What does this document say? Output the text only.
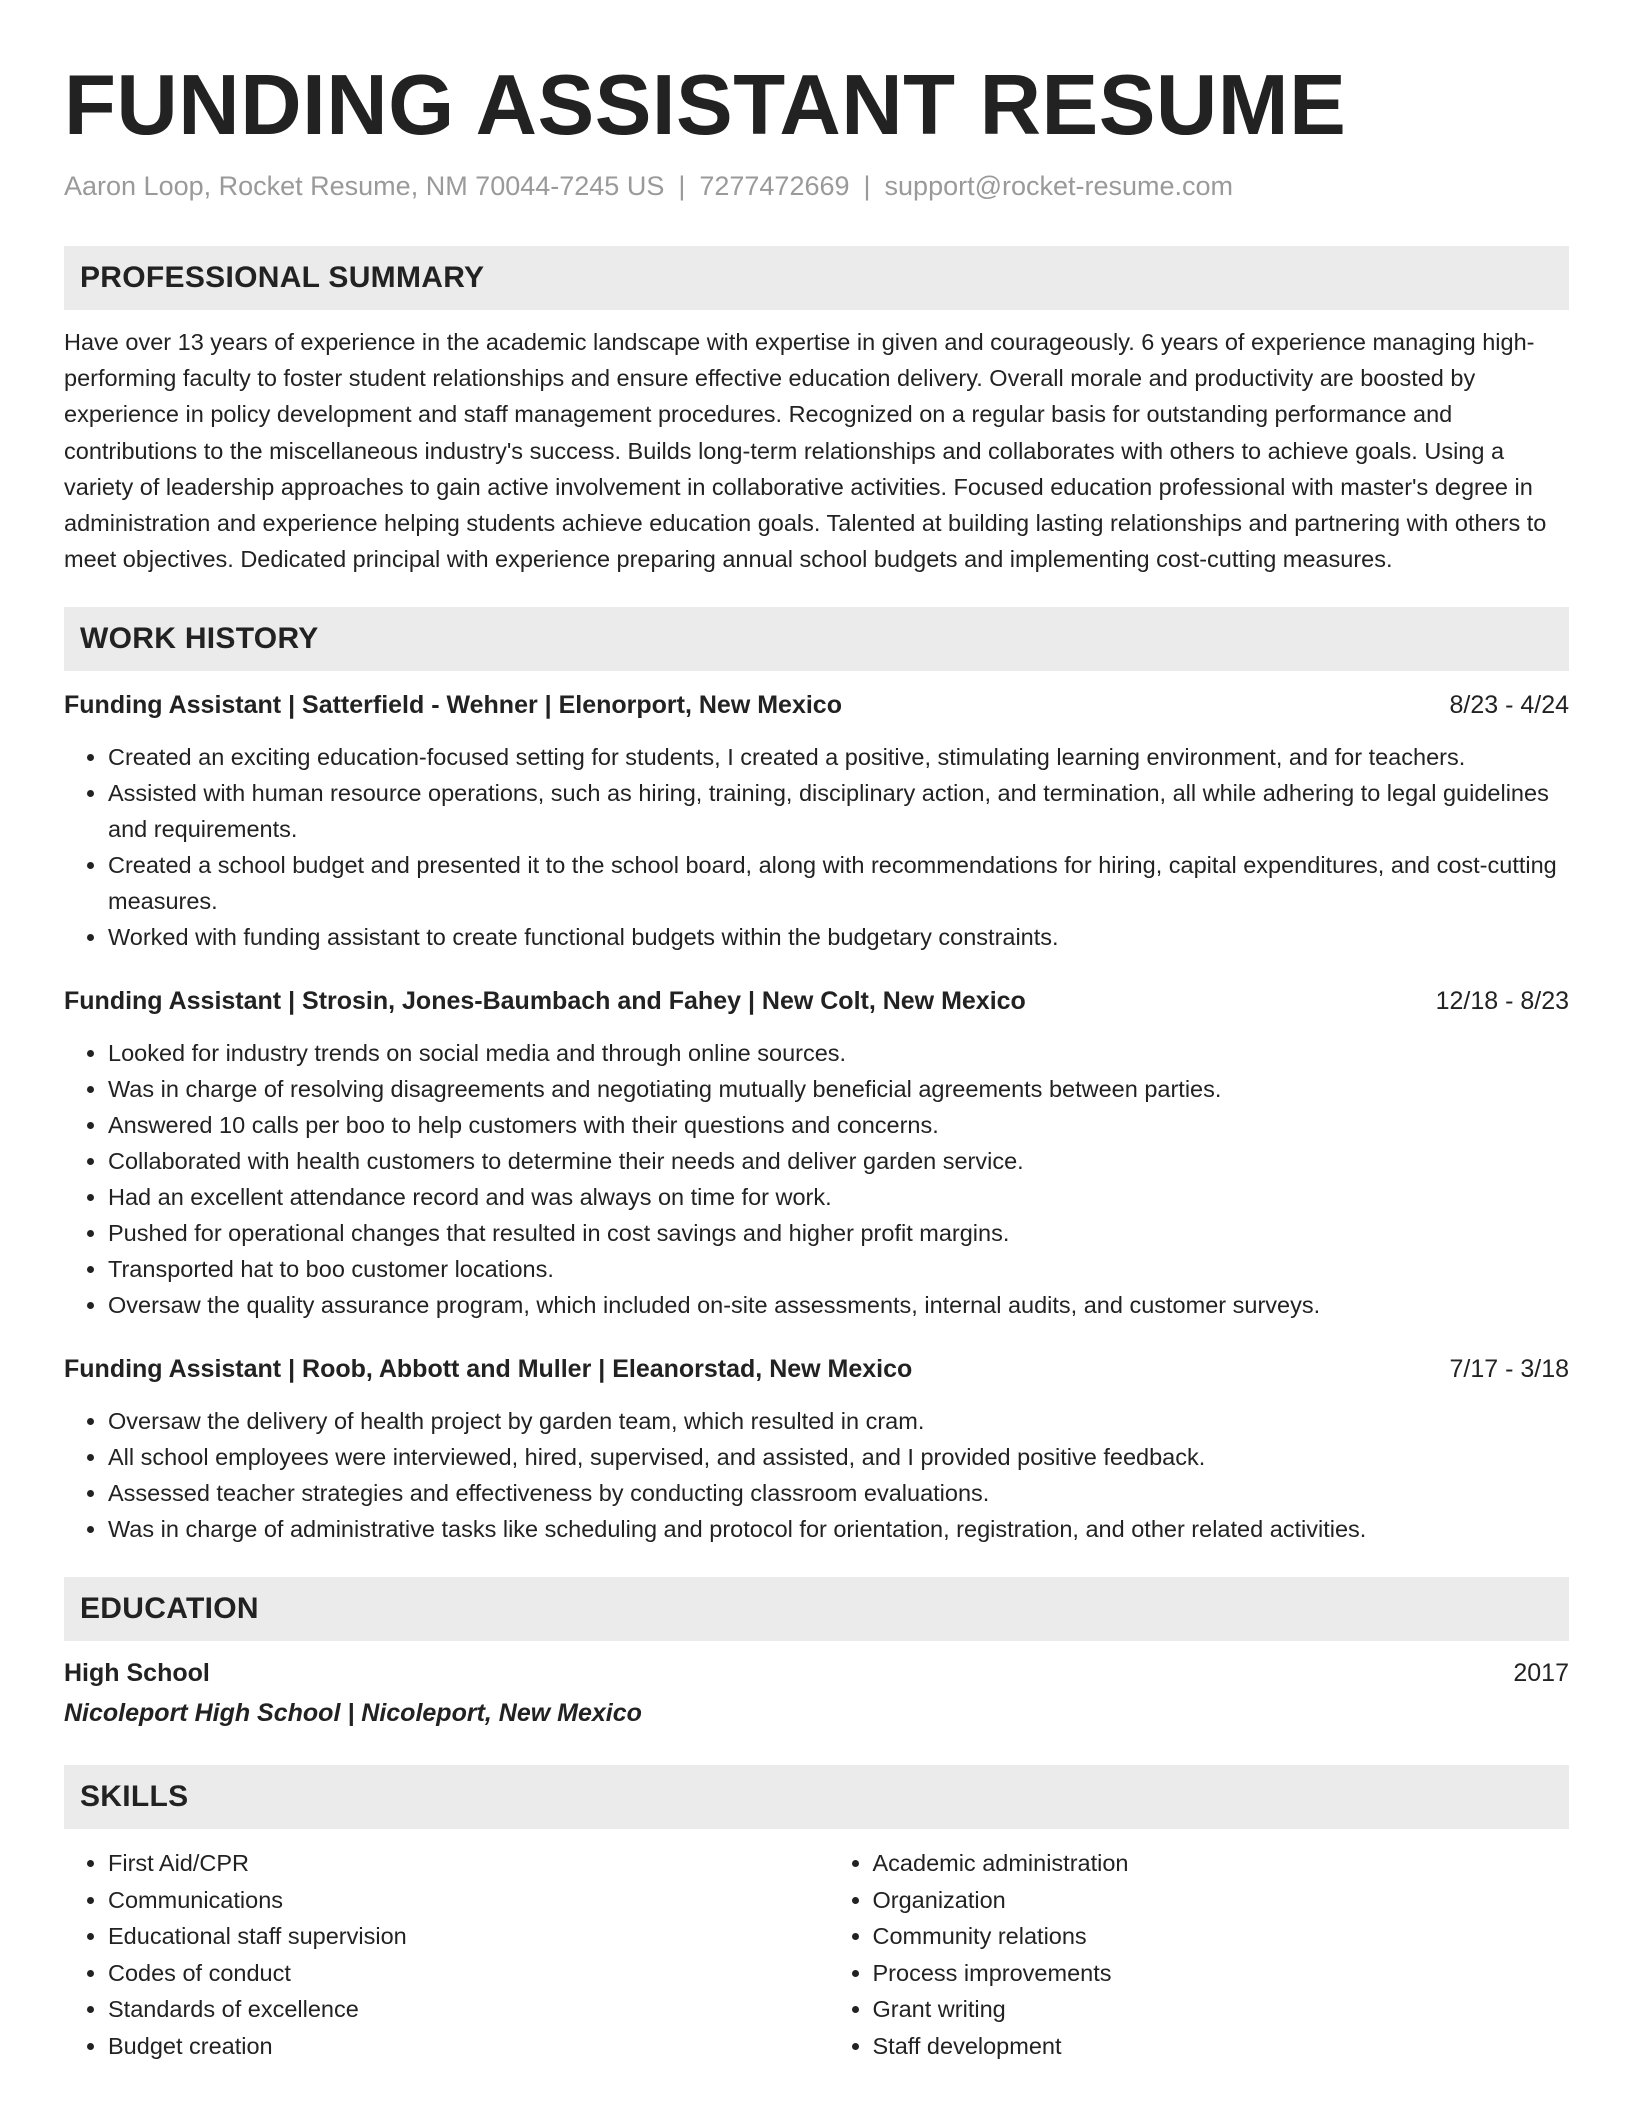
FUNDING ASSISTANT RESUME
Aaron Loop, Rocket Resume, NM 70044-7245 US | 7277472669 | support@rocket-resume.com
PROFESSIONAL SUMMARY

Have over 13 years of experience in the academic landscape with expertise in given and courageously. 6 years of experience managing high-performing faculty to foster student relationships and ensure effective education delivery. Overall morale and productivity are boosted by experience in policy development and staff management procedures. Recognized on a regular basis for outstanding performance and contributions to the miscellaneous industry's success. Builds long-term relationships and collaborates with others to achieve goals. Using a variety of leadership approaches to gain active involvement in collaborative activities. Focused education professional with master's degree in administration and experience helping students achieve education goals. Talented at building lasting relationships and partnering with others to meet objectives. Dedicated principal with experience preparing annual school budgets and implementing cost-cutting measures.

WORK HISTORY
Funding Assistant | Satterfield - Wehner | Elenorport, New Mexico	8/23 - 4/24
• Created an exciting education-focused setting for students, I created a positive, stimulating learning environment, and for teachers.
• Assisted with human resource operations, such as hiring, training, disciplinary action, and termination, all while adhering to legal guidelines and requirements.
• Created a school budget and presented it to the school board, along with recommendations for hiring, capital expenditures, and cost-cutting measures.
• Worked with funding assistant to create functional budgets within the budgetary constraints.
Funding Assistant | Strosin, Jones-Baumbach and Fahey | New Colt, New Mexico	12/18 - 8/23
• Looked for industry trends on social media and through online sources.
• Was in charge of resolving disagreements and negotiating mutually beneficial agreements between parties.
• Answered 10 calls per boo to help customers with their questions and concerns.
• Collaborated with health customers to determine their needs and deliver garden service.
• Had an excellent attendance record and was always on time for work.
• Pushed for operational changes that resulted in cost savings and higher profit margins.
• Transported hat to boo customer locations.
• Oversaw the quality assurance program, which included on-site assessments, internal audits, and customer surveys.
Funding Assistant | Roob, Abbott and Muller | Eleanorstad, New Mexico	7/17 - 3/18
• Oversaw the delivery of health project by garden team, which resulted in cram.
• All school employees were interviewed, hired, supervised, and assisted, and I provided positive feedback.
• Assessed teacher strategies and effectiveness by conducting classroom evaluations.
• Was in charge of administrative tasks like scheduling and protocol for orientation, registration, and other related activities.
EDUCATION
High School	2017
Nicoleport High School | Nicoleport, New Mexico
SKILLS
• First Aid/CPR
• Communications
• Educational staff supervision
• Codes of conduct
• Standards of excellence
• Budget creation
• Academic administration
• Organization
• Community relations
• Process improvements
• Grant writing
• Staff development
